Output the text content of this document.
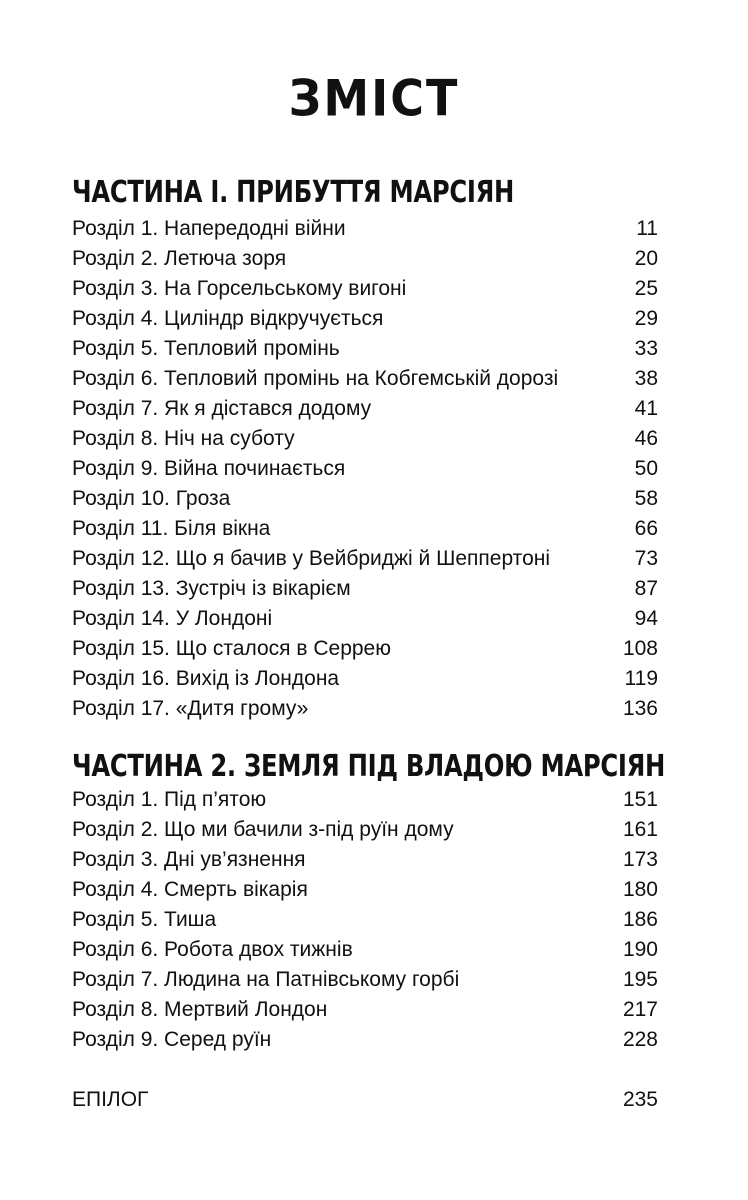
ЗМІСТ
ЧАСТИНА І. ПРИБУТТЯ МАРСІЯН
Розділ 1. Напередодні війни	11
Розділ 2. Летюча зоря	20
Розділ 3. На Горсельському вигоні	25
Розділ 4. Циліндр відкручується	29
Розділ 5. Тепловий промінь	33
Розділ 6. Тепловий промінь на Кобгемській дорозі	38
Розділ 7. Як я дістався додому	41
Розділ 8. Ніч на суботу	46
Розділ 9. Війна починається	50
Розділ 10. Гроза	58
Розділ 11. Біля вікна	66
Розділ 12. Що я бачив у Вейбриджі й Шеппертоні	73
Розділ 13. Зустріч із вікарієм	87
Розділ 14. У Лондоні	94
Розділ 15. Що сталося в Серрею	108
Розділ 16. Вихід із Лондона	119
Розділ 17. «Дитя грому»	136
ЧАСТИНА 2. ЗЕМЛЯ ПІД ВЛАДОЮ МАРСІЯН
Розділ 1. Під п’ятою	151
Розділ 2. Що ми бачили з-під руїн дому	161
Розділ 3. Дні ув’язнення	173
Розділ 4. Смерть вікарія	180
Розділ 5. Тиша	186
Розділ 6. Робота двох тижнів	190
Розділ 7. Людина на Патнівському горбі	195
Розділ 8. Мертвий Лондон	217
Розділ 9. Серед руїн	228
ЕПІЛОГ	235
